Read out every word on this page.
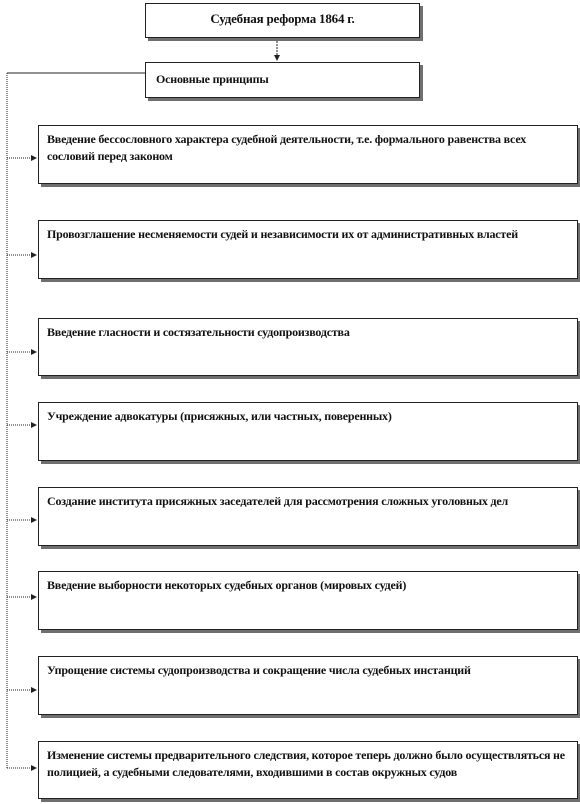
Судебная реформа 1864 г.
Основные принципы
Введение бессословного характера судебной деятельности, т.е. формального равенства всех сословий перед законом
Провозглашение несменяемости судей и независимости их от административных властей
Введение гласности и состязательности судопроизводства
Учреждение адвокатуры (присяжных, или частных, поверенных)
Создание института присяжных заседателей для рассмотрения сложных уголовных дел
Введение выборности некоторых судебных органов (мировых судей)
Упрощение системы судопроизводства и сокращение числа судебных инстанций
Изменение системы предварительного следствия, которое теперь должно было осуществляться не полицией, а судебными следователями, входившими в состав окружных судов
